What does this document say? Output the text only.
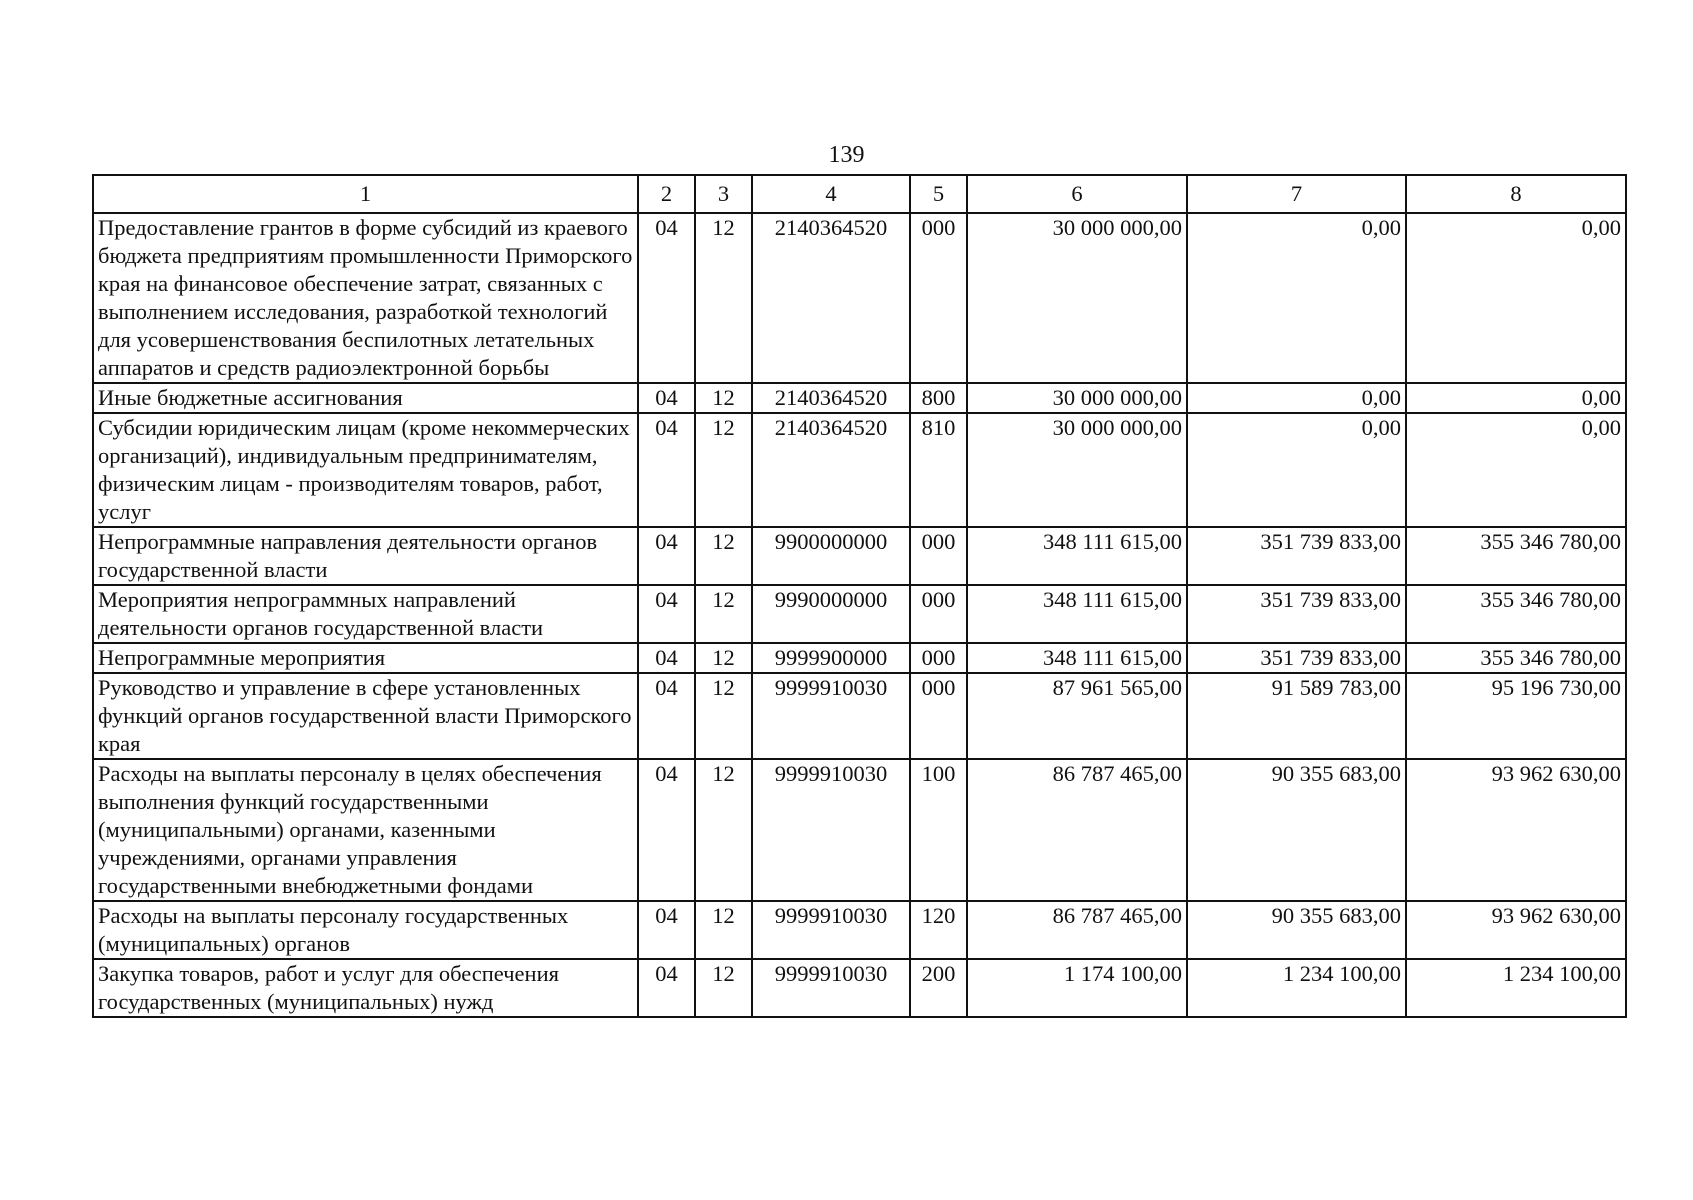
139
1	2	3	4	5	6	7	8
Предоставление грантов в форме субсидий из краевого бюджета предприятиям промышленности Приморского края на финансовое обеспечение затрат, связанных с выполнением исследования, разработкой технологий для усовершенствования беспилотных летательных аппаратов и средств радиоэлектронной борьбы	04	12	2140364520	000	30 000 000,00	0,00	0,00
Иные бюджетные ассигнования	04	12	2140364520	800	30 000 000,00	0,00	0,00
Субсидии юридическим лицам (кроме некоммерческих организаций), индивидуальным предпринимателям, физическим лицам - производителям товаров, работ, услуг	04	12	2140364520	810	30 000 000,00	0,00	0,00
Непрограммные направления деятельности органов государственной власти	04	12	9900000000	000	348 111 615,00	351 739 833,00	355 346 780,00
Мероприятия непрограммных направлений деятельности органов государственной власти	04	12	9990000000	000	348 111 615,00	351 739 833,00	355 346 780,00
Непрограммные мероприятия	04	12	9999900000	000	348 111 615,00	351 739 833,00	355 346 780,00
Руководство и управление в сфере установленных функций органов государственной власти Приморского края	04	12	9999910030	000	87 961 565,00	91 589 783,00	95 196 730,00
Расходы на выплаты персоналу в целях обеспечения выполнения функций государственными (муниципальными) органами, казенными учреждениями, органами управления государственными внебюджетными фондами	04	12	9999910030	100	86 787 465,00	90 355 683,00	93 962 630,00
Расходы на выплаты персоналу государственных (муниципальных) органов	04	12	9999910030	120	86 787 465,00	90 355 683,00	93 962 630,00
Закупка товаров, работ и услуг для обеспечения государственных (муниципальных) нужд	04	12	9999910030	200	1 174 100,00	1 234 100,00	1 234 100,00
